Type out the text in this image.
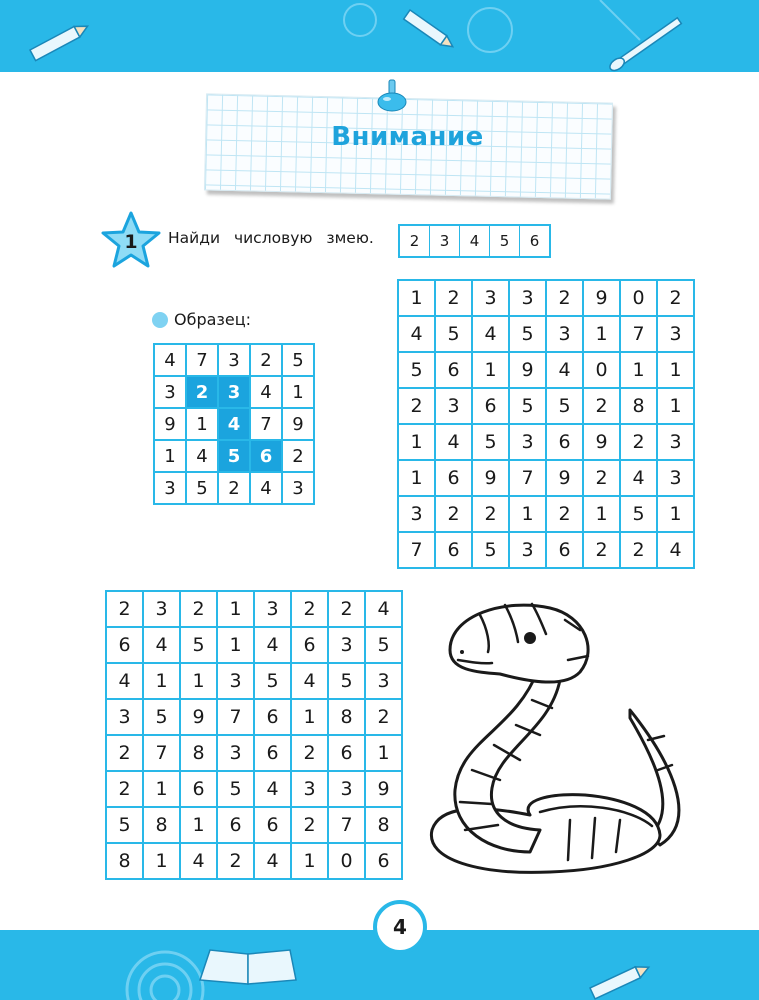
Внимание
1 Найди числовую змею.	2	3	4	5	6
Образец:
4	7	3	2	5
3	2	3	4	1
9	1	4	7	9
1	4	5	6	2
3	5	2	4	3
1	2	3	3	2	9	0	2
4	5	4	5	3	1	7	3
5	6	1	9	4	0	1	1
2	3	6	5	5	2	8	1
1	4	5	3	6	9	2	3
1	6	9	7	9	2	4	3
3	2	2	1	2	1	5	1
7	6	5	3	6	2	2	4
2	3	2	1	3	2	2	4
6	4	5	1	4	6	3	5
4	1	1	3	5	4	5	3
3	5	9	7	6	1	8	2
2	7	8	3	6	2	6	1
2	1	6	5	4	3	3	9
5	8	1	6	6	2	7	8
8	1	4	2	4	1	0	6
4
